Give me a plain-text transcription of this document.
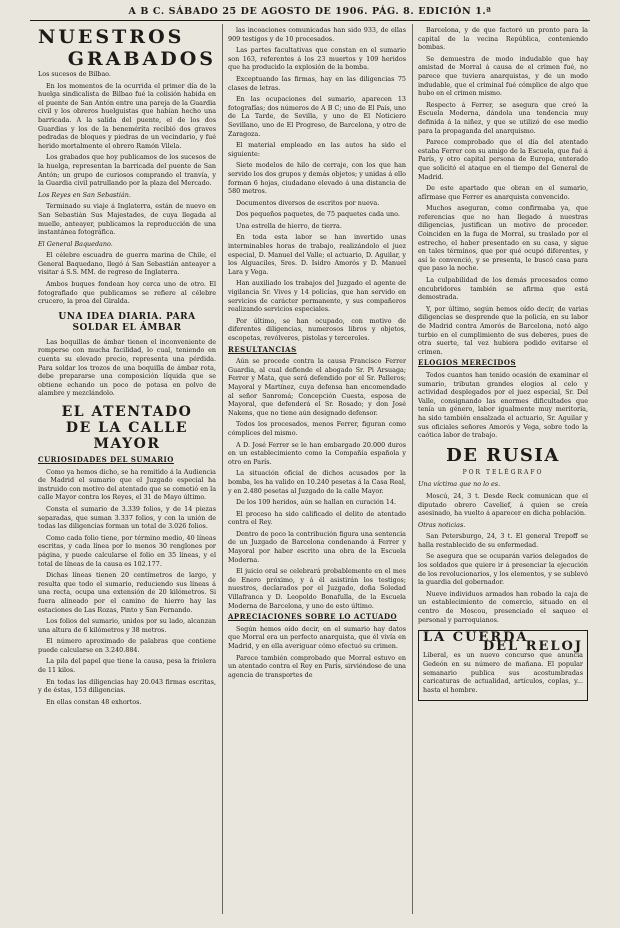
A B C. SÁBADO 25 DE AGOSTO DE 1906. PÁG. 8. EDICIÓN 1.ª
NUESTROS
GRABADOS

Los sucesos de Bilbao.

En los momentos de la ocurrida el primer día de la huelga sindicalista de Bilbao fué la colisión habida en el puente de San Antón entre una pareja de la Guardia civil y los obreros huelguistas que habían hecho una barricada. A la salida del puente, el de los dos Guardias y los de la benemérita recibió dos graves pedradas de bloques y piedras de un vecindario, y fué herido mortalmente el obrero Ramón Vilela.

Los grabados que hoy publicamos de los sucesos de la huelga, representan la barricada del puente de San Antón; un grupo de curiosos comprando el tranvía, y la Guardia civil patrullando por la plaza del Mercado.

Los Reyes en San Sebastián.

Terminado su viaje á Inglaterra, están de nuevo en San Sebastián Sus Majestades, de cuya llegada al muelle, anteayer, publicamos la reproducción de una instantánea fotográfica.

El General Baquedano.

El célebre escuadra de guerra marina de Chile, el General Baquedano, llegó á San Sebastián anteayer a visitar á S.S. MM. de regreso de Inglaterra.

Ambos buques fondean hoy cerca uno de otro. El fotografiado que publicamos se refiere al célebre crucero, la proa del Giralda.

UNA IDEA DIARIA. PARA SOLDAR EL ÁMBAR

Las boquillas de ámbar tienen el inconveniente de romperse con mucha facilidad, lo cual, teniendo en cuenta su elevado precio, representa una pérdida. Para soldar los trozos de una boquilla de ámbar rota, debe prepararse una composición líquida que se obtiene echando un poco de potasa en polvo de alambre y mezclándolo.

EL ATENTADO
DE LA CALLE MAYOR

CURIOSIDADES DEL SUMARIO

Como ya hemos dicho, se ha remitido á la Audiencia de Madrid el sumario que el Juzgado especial ha instruido con motivo del atentado que se cometió en la calle Mayor contra los Reyes, el 31 de Mayo último.

Consta el sumario de 3.339 folios, y de 14 piezas separadas, que suman 3.337 folios, y con la unión de todas las diligencias forman un total de 3.026 folios.

Como cada folio tiene, por término medio, 40 líneas escritas, y cada línea por lo menos 30 renglones por página, y puede calcularse el folio en 35 líneas, y el total de líneas de la causa es 102.177.

Dichas líneas tienen 20 centímetros de largo, y resulta que todo el sumario, reduciendo sus líneas á una recta, ocupa una extensión de 20 kilómetros. Si fuera alineado por el camino de hierro hay las estaciones de Las Rozas, Pinto y San Fernando.

Los folios del sumario, unidos por su lado, alcanzan una altura de 6 kilómetros y 38 metros.

El número aproximado de palabras que contiene puede calcularse en 3.240.884.

La pila del papel que tiene la causa, pesa la friolera de 11 kilos.

En todas las diligencias hay 20.043 firmas escritas, y de éstas, 153 diligencias.

En ellas constan 48 exhortos.

las incoaciones comunicadas han sido 933, de ellas 909 testigos y de 10 procesados.

Las partes facultativas que constan en el sumario son 163, referentes á los 23 muertos y 109 heridos que ha producido la explosión de la bomba.

Exceptuando las firmas, hay en las diligencias 75 clases de letras.

En las ocupaciones del sumario, aparecen 13 fotografías; dos números de A B C; uno de El País, uno de La Tarde, de Sevilla, y uno de El Noticiero Sevillano, uno de El Progreso, de Barcelona, y otro de Zaragoza.

El material empleado en las autos ha sido el siguiente:

Siete modelos de hilo de cerraje, con los que han servido los dos grupos y demás objetos; y unidas á ello forman 6 hojas, ciudadano elevado á una distancia de 580 metros.

Documentos diversos de escritos por nueva.

Dos pequeños paquetes, de 75 paquetes cada uno.

Una estrella de hierro, de tierra.

En toda esta labor se han invertido unas interminables horas de trabajo, realizándolo el juez especial, D. Manuel del Valle; el actuario, D. Aguilar, y los Alguaciles, Sres. D. Isidro Amorós y D. Manuel Lara y Vega.

Han auxiliado los trabajos del Juzgado el agente de vigilancia Sr. Vives y 14 policías, que han servido en servicios de carácter permanente, y sus compañeros realizando servicios especiales.

Por último, se han ocupado, con motivo de diferentes diligencias, numerosos libros y objetos, escopetas, revólveres, pistolas y terceroles.

RESULTANCIAS

Aún se procede contra la causa Francisco Ferrer Guardia, al cual defiende el abogado Sr. Pi Arsuaga; Ferrer y Mata, que será defendido por el Sr. Palleros; Mayoral y Martínez, cuya defensa han encomendado al señor Sanromá; Concepción Cuesta, esposa de Mayoral, que defenderá el Sr. Rosado; y don José Nakens, que no tiene aún designado defensor.

Todos los procesados, menos Ferrer, figuran como cómplices del mismo.

A D. José Ferrer se le han embargado 20.000 duros en un establecimiento como la Compañía española y otro en París.

La situación oficial de dichos acusados por la bomba, les ha valido en 10.240 pesetas á la Casa Real, y en 2.480 pesetas al Juzgado de la calle Mayor.

De los 109 heridos, aún se hallan en curación 14.

El proceso ha sido calificado el delito de atentado contra el Rey.

Dentro de poco la contribución figura una sentencia de un Juzgado de Barcelona condenando á Ferrer y Mayoral por haber escrito una obra de la Escuela Moderna.

El juicio oral se celebrará probablemente en el mes de Enero próximo, y á él asistirán los testigos; nuestros, declarados por el Juzgado, doña Soledad Villafranca y D. Leopoldo Bonafulla, de la Escuela Moderna de Barcelona, y uno de esto último.

APRECIACIONES SOBRE LO ACTUADO

Según hemos oído decir, en el sumario hay datos que Morral era un perfecto anarquista, que él vivía en Madrid, y en ella averiguar cómo efectuó su crimen.

Parece también comprobado que Morral estuvo en un atentado contra el Rey en París, sirviéndose de una agencia de transportes de

Barcelona, y de que factoró un pronto para la capital de la vecina República, conteniendo bombas.

Se demuestra de modo indudable que hay amistad de Morral á causa de el crimen fué, no parece que tuviera anarquistas, y de un modo indudable, que el criminal fué cómplice de algo que hubo en el crimen mismo.

Respecto á Ferrer, se asegura que creó la Escuela Moderna, dándola una tendencia muy definida á la niñez, y que se utilizó de ese medio para la propaganda del anarquismo.

Parece comprobado que el día del atentado estaba Ferrer con su amigo de la Escuela, que fué á París, y otro capital persona de Europa, enterado que solicitó el ataque en el tiempo del General de Madrid.

De este apartado que obran en el sumario, afírmase que Ferrer es anarquista convencido.

Muchos aseguran, como confirmaba ya, que referencias que no han llegado á nuestras diligencias, justifican un motivo de proceder. Coinciden en la fuga de Morral, su traslado por el estrecho, el haber presentado en su casa, y sigue en tales términos, que por qué ocupó diferentes, y así le convenció, y se presenta, le buscó casa para que paso la noche.

La culpabilidad de los demás procesados como encubridores también se afirma que está demostrada.

Y, por último, según hemos oído decir, de varias diligencias se desprende que la policía, en su labor de Madrid contra Amorós de Barcelona, notó algo turbio en el cumplimiento de sus deberes, pues de otra suerte, tal vez hubiera podido evitarse el crimen.

ELOGIOS MERECIDOS

Todos cuantos han tenido ocasión de examinar el sumario, tributan grandes elogios al celo y actividad desplegados por el juez especial, Sr. Del Valle, consignando las enormes dificultades que tenía un género, labor igualmente muy meritoria, ha sido también ensalzada el actuario, Sr. Aguilar y sus oficiales señores Amorós y Vega, sobre todo la caótica labor de trabajo.

DE RUSIA
POR TELÉGRAFO

Una víctima que no lo es.

Moscú, 24, 3 t. Desde Reck comunican que el diputado obrero Cavelief, á quien se creía asesinado, ha vuelto á aparecer en dicha población.

Otras noticias.

San Petersburgo, 24, 3 t. El general Trepoff se halla restablecido de su enfermedad.

Se asegura que se ocuparán varios delegados de los soldados que quiere ir á presenciar la ejecución de los revolucionarios, y los elementos, y se sublevó la guardia del gobernador.

Nueve individuos armados han robado la caja de un establecimiento de comercio, situado en el centro de Moscou, presenciado el saqueo el personal y parroquianos.

LA CUERDA
DEL RELOJ

Liberal, es un nuevo concurso que anuncia Gedeón en su número de mañana. El popular semanario publica sus acostumbradas caricaturas de actualidad, artículos, coplas, y... hasta el hombre.
